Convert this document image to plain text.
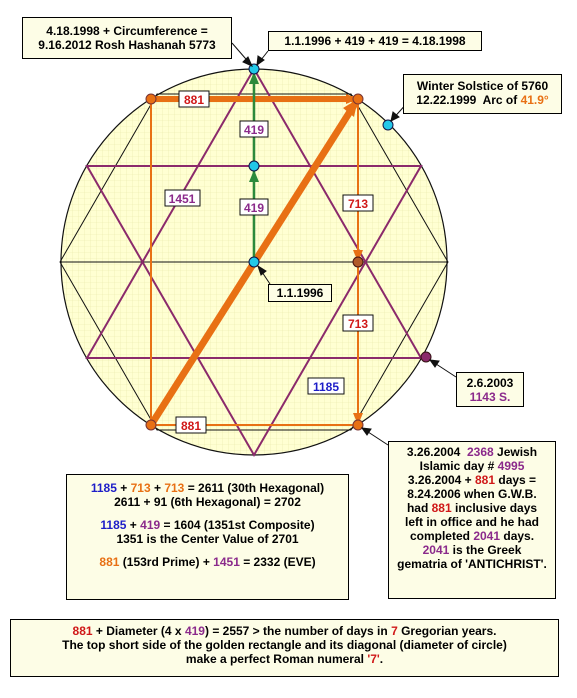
881
419
419
1451	713
713
1185
881
4.18.1998 + Circumference =
9.16.2012 Rosh Hashanah 5773	1.1.1996 + 419 + 419 = 4.18.1998
Winter Solstice of 5760
12.22.1999 Arc of 41.9°
1.1.1996
2.6.2003
1143 S.
3.26.2004 2368 Jewish
Islamic day # 4995
3.26.2004 + 881 days =
8.24.2006 when G.W.B.
had 881 inclusive days
left in office and he had
completed 2041 days.
2041 is the Greek
gematria of 'ANTICHRIST'.
1185 + 713 + 713 = 2611 (30th Hexagonal)
2611 + 91 (6th Hexagonal) = 2702
1185 + 419 = 1604 (1351st Composite)
1351 is the Center Value of 2701
881 (153rd Prime) + 1451 = 2332 (EVE)
881 + Diameter (4 x 419) = 2557 > the number of days in 7 Gregorian years.
The top short side of the golden rectangle and its diagonal (diameter of circle)
make a perfect Roman numeral '7'.
